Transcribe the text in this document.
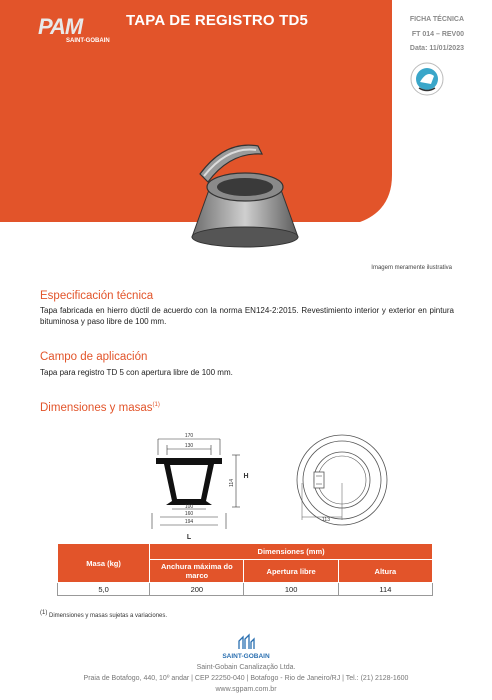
PAM
SAINT-GOBAIN
TAPA DE REGISTRO TD5	FICHA TÉCNICA
FT 014 – REV00
Data: 11/01/2023
Imagem meramente ilustrativa
Especificación técnica
Tapa fabricada en hierro dúctil de acuerdo con la norma EN124-2:2015. Revestimiento interior y exterior en pintura bituminosa y paso libre de 100 mm.
Campo de aplicación
Tapa para registro TD 5 con apertura libre de 100 mm.
Dimensiones y masas$^{(1)}$
170
130
100
160
194
114
H
L
113
Masa (kg)	Dimensiones (mm)		
	Anchura máxima do marco	Apertura libre	Altura
5,0	200	100	114
(1) Dimensiones y masas sujetas a variaciones.
SAINT-GOBAIN
Saint-Gobain Canalização Ltda.
Praia de Botafogo, 440, 10º andar | CEP 22250-040 | Botafogo - Rio de Janeiro/RJ | Tel.: (21) 2128-1600
www.sgpam.com.br
